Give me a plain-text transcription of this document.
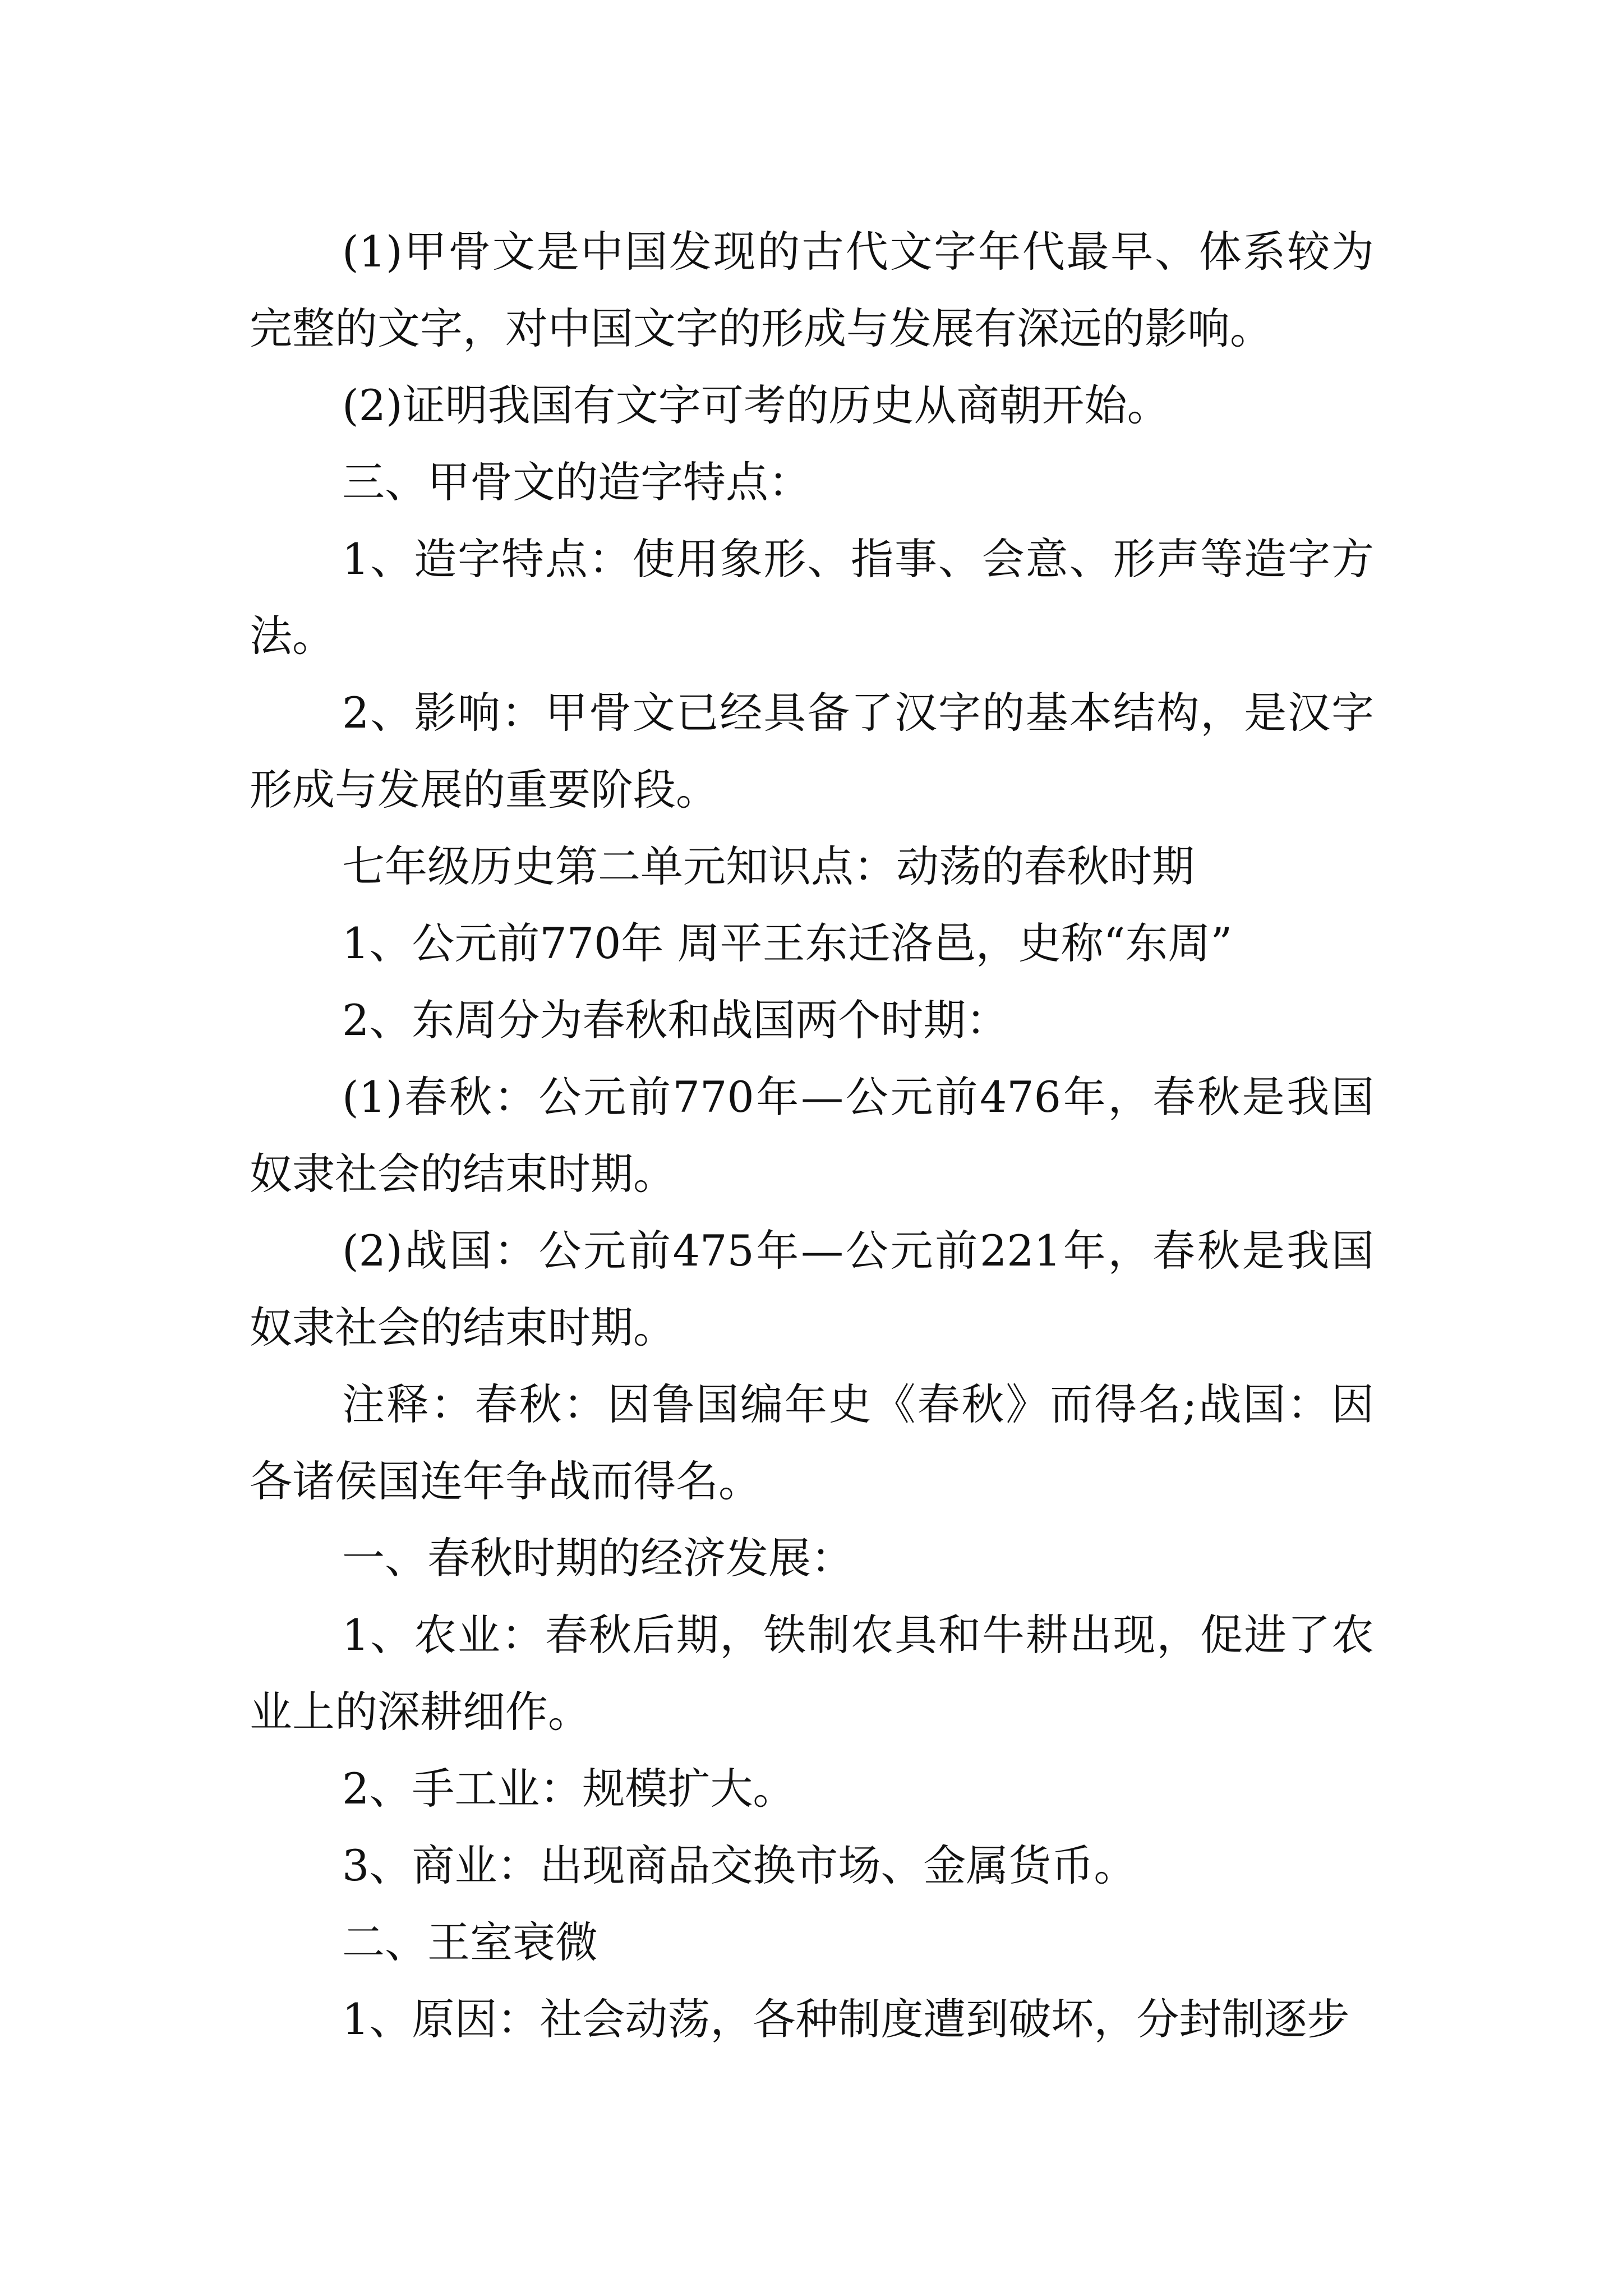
(1)甲骨文是中国发现的古代文字年代最早、体系较为完整的文字，对中国文字的形成与发展有深远的影响。

(2)证明我国有文字可考的历史从商朝开始。

三、甲骨文的造字特点：

1、造字特点：使用象形、指事、会意、形声等造字方法。

2、影响：甲骨文已经具备了汉字的基本结构，是汉字形成与发展的重要阶段。

七年级历史第二单元知识点：动荡的春秋时期

1、公元前770年 周平王东迁洛邑，史称“东周”

2、东周分为春秋和战国两个时期：

(1)春秋：公元前770年—公元前476年，春秋是我国奴隶社会的结束时期。

(2)战国：公元前475年—公元前221年，春秋是我国奴隶社会的结束时期。

注释：春秋：因鲁国编年史《春秋》而得名;战国：因各诸侯国连年争战而得名。

一、春秋时期的经济发展：

1、农业：春秋后期，铁制农具和牛耕出现，促进了农业上的深耕细作。

2、手工业：规模扩大。

3、商业：出现商品交换市场、金属货币。

二、王室衰微

1、原因：社会动荡，各种制度遭到破坏，分封制逐步
